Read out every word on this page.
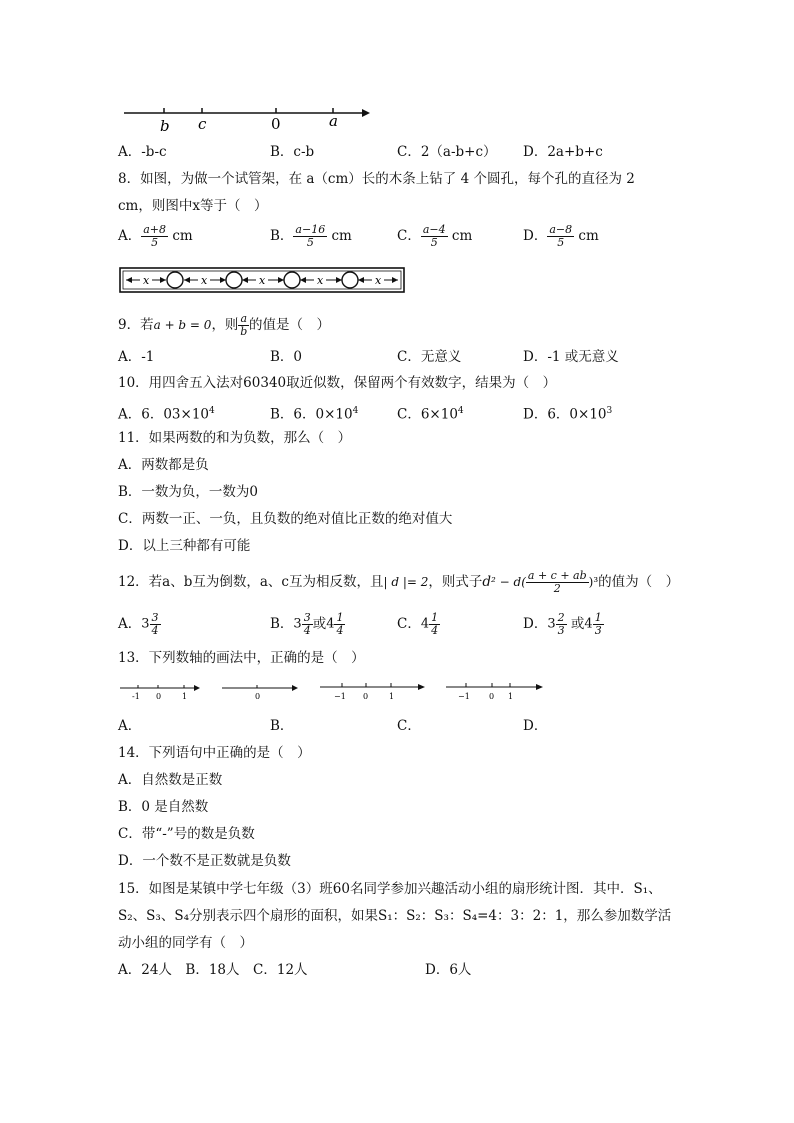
b c	0	a
A．-b-c	B．c-b	C．2（a-b+c） D．2a+b+c
8．如图，为做一个试管架，在 a（cm）长的木条上钻了 4 个圆孔，每个孔的直径为 2
cm，则图中x等于（　）
A． $\frac{a+8}{5}$ cm	B． $\frac{a-16}{5}$ cm	C． $\frac{a-4}{5}$ cm	D． $\frac{a-8}{5}$ cm
x	x	x	x	x
9．若a + b = 0，则 $\frac{a}{b}$ 的值是（　）
A．-1	B．0	C．无意义	D．-1 或无意义
10．用四舍五入法对60340取近似数，保留两个有效数字，结果为（　）
A．6．$03\times 10^4$	B．6．$0\times 10^4$	C．$6\times 10^4$	D．6．$0\times 10^3$
11．如果两数的和为负数，那么（　）
A．两数都是负
B．一数为负，一数为0
C．两数一正、一负，且负数的绝对值比正数的绝对值大
D．以上三种都有可能
12．若a、b互为倒数，a、c互为相反数，且| d |= 2，则式子$d^2 - d( \frac{a + c + ab}{2} )^3$的值为（　）
A．$3 \frac{3}{4}$	B．$3 \frac{3}{4}$ 或$4 \frac{1}{4}$	C．$4 \frac{1}{4}$	D．$3 \frac{2}{3}$ 或$4 \frac{1}{3}$
13．下列数轴的画法中，正确的是（　）
-1 0	1	0	−1 0	1	−1 0 1
A．	B．	C．	D．
14．下列语句中正确的是（　）
A．自然数是正数
B．0 是自然数
C．带“-”号的数是负数
D．一个数不是正数就是负数
15．如图是某镇中学七年级（3）班60名同学参加兴趣活动小组的扇形统计图．其中．S₁、
S₂、S₃、S₄分别表示四个扇形的面积，如果S₁：S₂：S₃：S₄=4：3：2：1，那么参加数学活
动小组的同学有（　）
A．24人　B．18人　C．12人	D．6人
